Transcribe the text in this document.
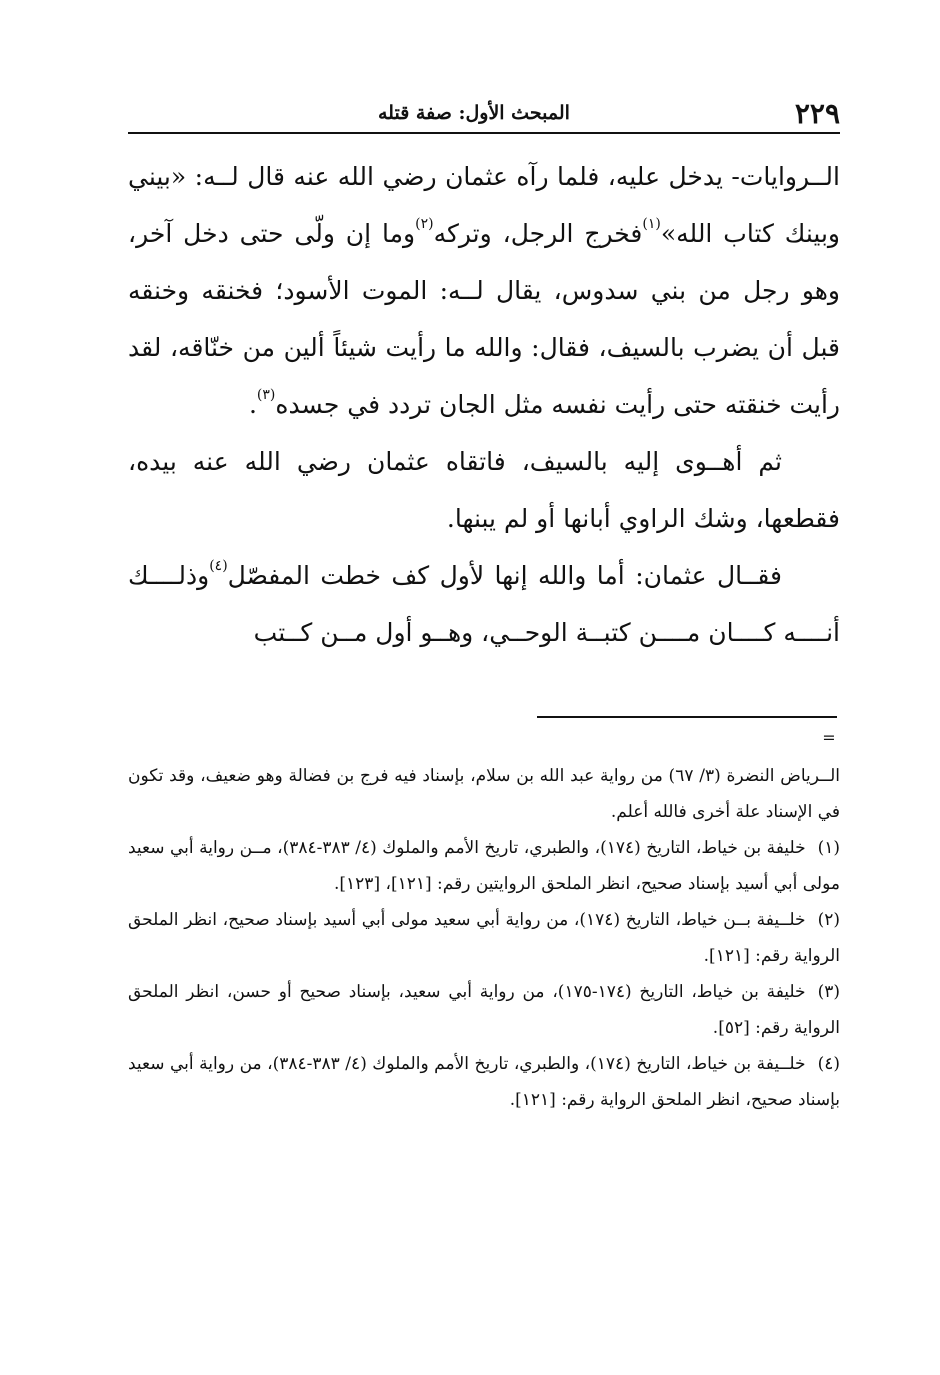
٢٢٩
المبحث الأول: صفة قتله

الــروايات- يدخل عليه، فلما رآه عثمان رضي الله عنه قال لــه: «بيني وبينك كتاب الله»$^{(١)}$فخرج الرجل، وتركه$^{(٢)}$وما إن ولّى حتى دخل آخر، وهو رجل من بني سدوس، يقال لــه: الموت الأسود؛ فخنقه وخنقه قبل أن يضرب بالسيف، فقال: والله ما رأيت شيئاً ألين من خنّاقه، لقد رأيت خنقته حتى رأيت نفسه مثل الجان تردد في جسده$^{(٣)}$.

ثم أهــوى إليه بالسيف، فاتقاه عثمان رضي الله عنه بيده، فقطعها، وشك الراوي أبانها أو لم يبنها.

فقــال عثمان: أما والله إنها لأول كف خطت المفصّل$^{(٤)}$وذلــــك أنــــه كــــان مــــن كتبــة الوحــي، وهــو أول مــن كــتب

=

الــرياض النضرة (٣/ ٦٧) من رواية عبد الله بن سلام، بإسناد فيه فرج بن فضالة وهو ضعيف، وقد تكون في الإسناد علة أخرى فالله أعلم.

(١)خليفة بن خياط، التاريخ (١٧٤)، والطبري، تاريخ الأمم والملوك (٤/ ٣٨٣-٣٨٤)، مــن رواية أبي سعيد مولى أبي أسيد بإسناد صحيح، انظر الملحق الروايتين رقم: [١٢١]، [١٢٣].

(٢)خلــيفة بــن خياط، التاريخ (١٧٤)، من رواية أبي سعيد مولى أبي أسيد بإسناد صحيح، انظر الملحق الرواية رقم: [١٢١].

(٣)خليفة بن خياط، التاريخ (١٧٤-١٧٥)، من رواية أبي سعيد، بإسناد صحيح أو حسن، انظر الملحق الرواية رقم: [٥٢].

(٤)خلــيفة بن خياط، التاريخ (١٧٤)، والطبري، تاريخ الأمم والملوك (٤/ ٣٨٣-٣٨٤)، من رواية أبي سعيد بإسناد صحيح، انظر الملحق الرواية رقم: [١٢١].
